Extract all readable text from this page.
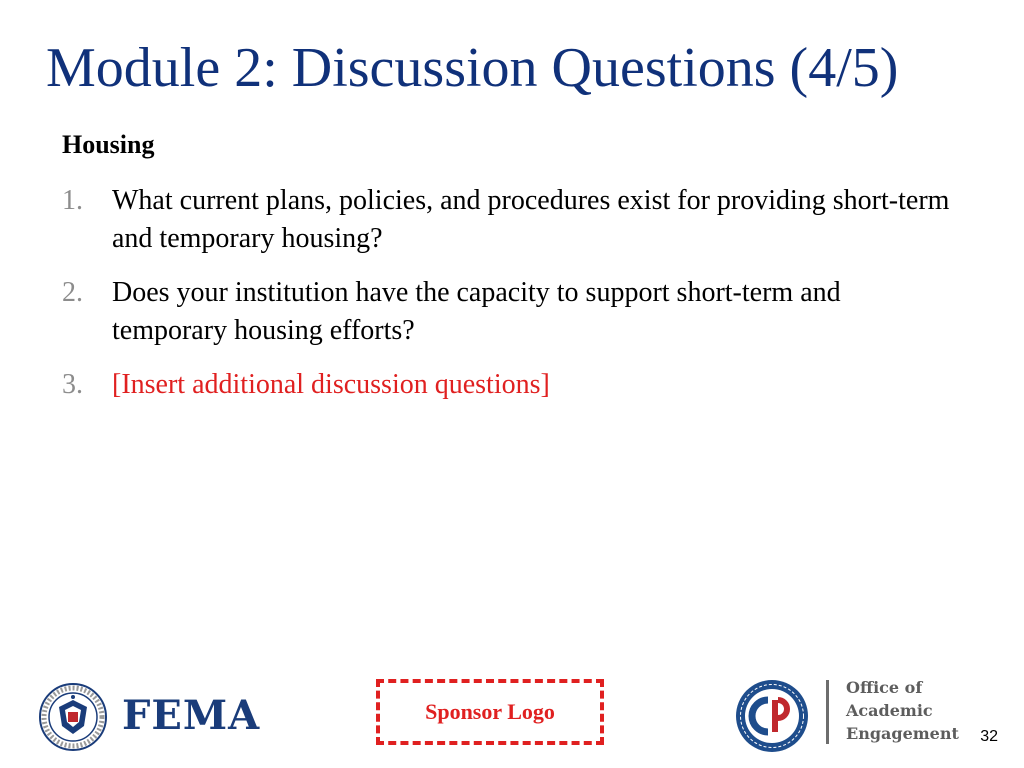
Module 2: Discussion Questions (4/5)
Housing
1. What current plans, policies, and procedures exist for providing short-term and temporary housing?
2. Does your institution have the capacity to support short-term and temporary housing efforts?
3. [Insert additional discussion questions]
FEMA	Sponsor Logo
Office of
Academic
Engagement 32
